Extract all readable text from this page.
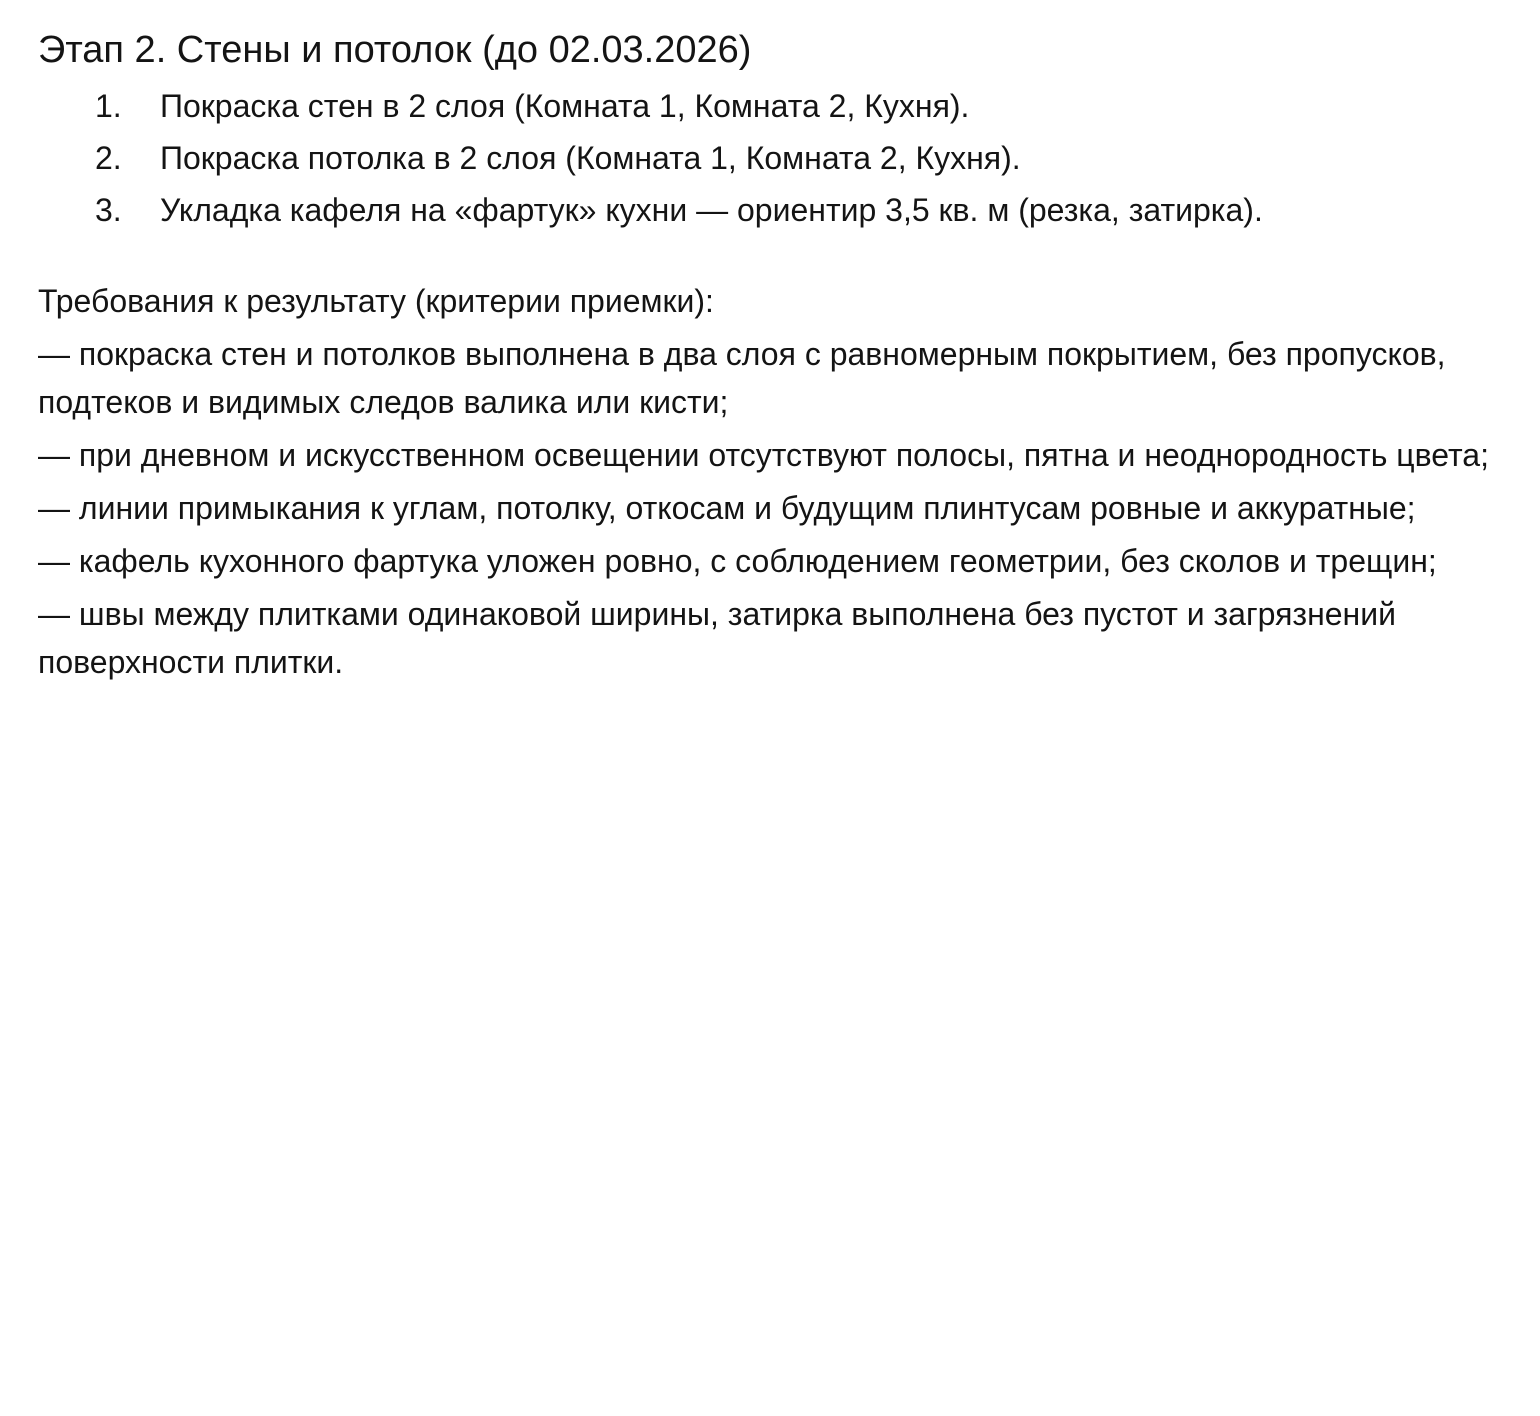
Этап 2. Стены и потолок (до 02.03.2026)
1.	Покраска стен в 2 слоя (Комната 1, Комната 2, Кухня).
2.	Покраска потолка в 2 слоя (Комната 1, Комната 2, Кухня).
3.	Укладка кафеля на «фартук» кухни — ориентир 3,5 кв. м (резка, затирка).

Требования к результату (критерии приемки):

— покраска стен и потолков выполнена в два слоя с равномерным покрытием, без пропусков, подтеков и видимых следов валика или кисти;

— при дневном и искусственном освещении отсутствуют полосы, пятна и неоднородность цвета;

— линии примыкания к углам, потолку, откосам и будущим плинтусам ровные и аккуратные;

— кафель кухонного фартука уложен ровно, с соблюдением геометрии, без сколов и трещин;

— швы между плитками одинаковой ширины, затирка выполнена без пустот и загрязнений поверхности плитки.
